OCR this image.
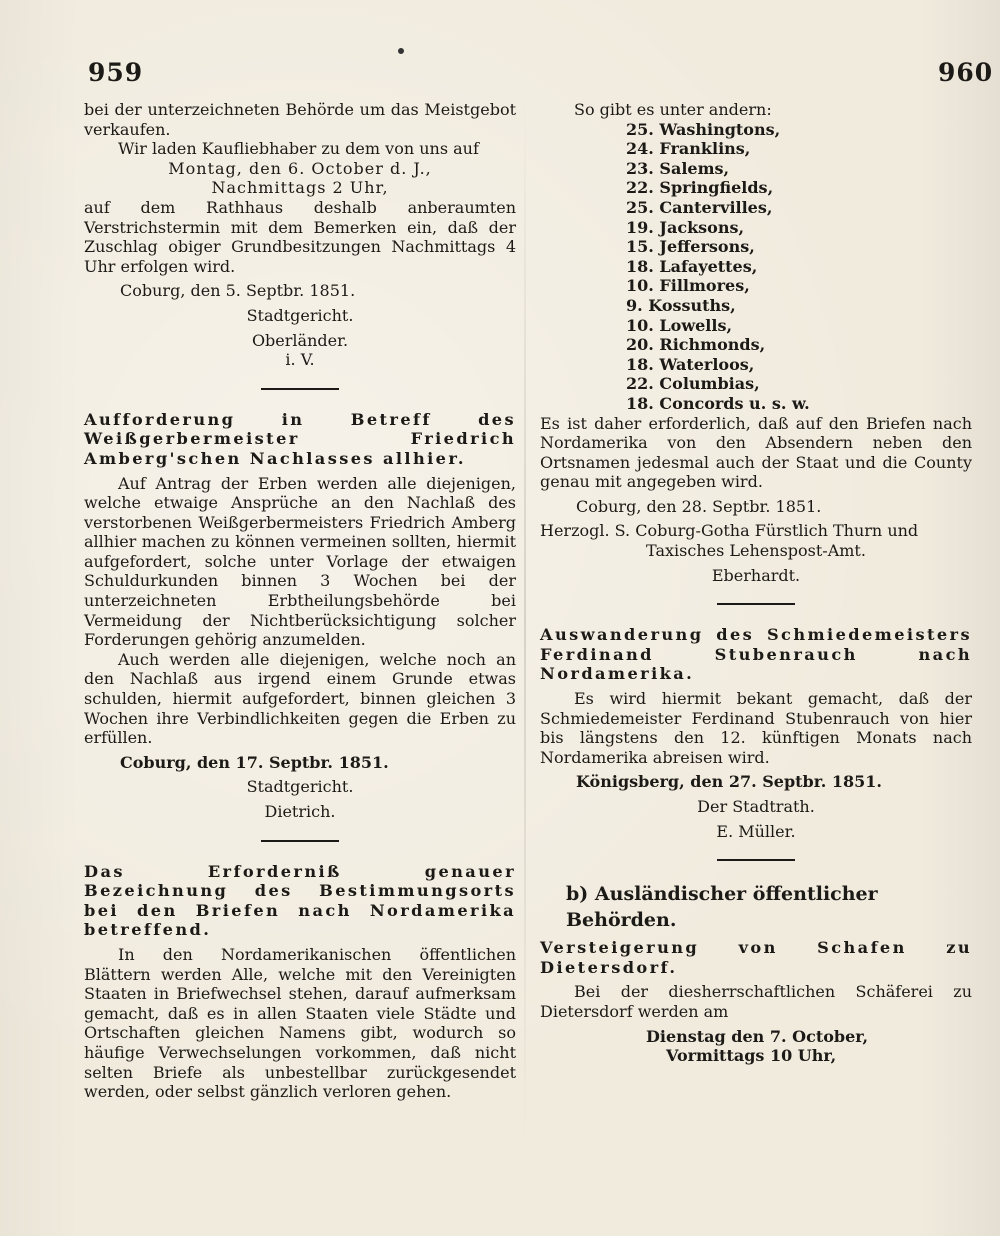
959	960

bei der unterzeichneten Behörde um das Meistgebot verkaufen.

Wir laden Kaufliebhaber zu dem von uns auf

Montag, den 6. October d. J.,

Nachmittags 2 Uhr,

auf dem Rathhaus deshalb anberaumten Verstrichstermin mit dem Bemerken ein, daß der Zuschlag obiger Grundbesitzungen Nachmittags 4 Uhr erfolgen wird.

Coburg, den 5. Septbr. 1851.

Stadtgericht.

Oberländer.

i. V.

Aufforderung in Betreff des Weißgerbermeister Friedrich Amberg'schen Nachlasses allhier.

Auf Antrag der Erben werden alle diejenigen, welche etwaige Ansprüche an den Nachlaß des verstorbenen Weißgerbermeisters Friedrich Amberg allhier machen zu können vermeinen sollten, hiermit aufgefordert, solche unter Vorlage der etwaigen Schuldurkunden binnen 3 Wochen bei der unterzeichneten Erbtheilungsbehörde bei Vermeidung der Nichtberücksichtigung solcher Forderungen gehörig anzumelden.

Auch werden alle diejenigen, welche noch an den Nachlaß aus irgend einem Grunde etwas schulden, hiermit aufgefordert, binnen gleichen 3 Wochen ihre Verbindlichkeiten gegen die Erben zu erfüllen.

Coburg, den 17. Septbr. 1851.

Stadtgericht.

Dietrich.

Das Erforderniß genauer Bezeichnung des Bestimmungsorts bei den Briefen nach Nordamerika betreffend.

In den Nordamerikanischen öffentlichen Blättern werden Alle, welche mit den Vereinigten Staaten in Briefwechsel stehen, darauf aufmerksam gemacht, daß es in allen Staaten viele Städte und Ortschaften gleichen Namens gibt, wodurch so häufige Verwechselungen vorkommen, daß nicht selten Briefe als unbestellbar zurückgesendet werden, oder selbst gänzlich verloren gehen.

So gibt es unter andern:

25. Washingtons,
24. Franklins,
23. Salems,
22. Springfields,
25. Cantervilles,
19. Jacksons,
15. Jeffersons,
18. Lafayettes,
10. Fillmores,
9. Kossuths,
10. Lowells,
20. Richmonds,
18. Waterloos,
22. Columbias,
18. Concords u. s. w.

Es ist daher erforderlich, daß auf den Briefen nach Nordamerika von den Absendern neben den Ortsnamen jedesmal auch der Staat und die County genau mit angegeben wird.

Coburg, den 28. Septbr. 1851.

Herzogl. S. Coburg-Gotha Fürstlich Thurn und

Taxisches Lehenspost-Amt.

Eberhardt.

Auswanderung des Schmiedemeisters Ferdinand Stubenrauch nach Nordamerika.

Es wird hiermit bekant gemacht, daß der Schmiedemeister Ferdinand Stubenrauch von hier bis längstens den 12. künftigen Monats nach Nordamerika abreisen wird.

Königsberg, den 27. Septbr. 1851.

Der Stadtrath.

E. Müller.

b) Ausländischer öffentlicher Behörden.

Versteigerung von Schafen zu Dietersdorf.

Bei der diesherrschaftlichen Schäferei zu Dietersdorf werden am

Dienstag den 7. October,

Vormittags 10 Uhr,
